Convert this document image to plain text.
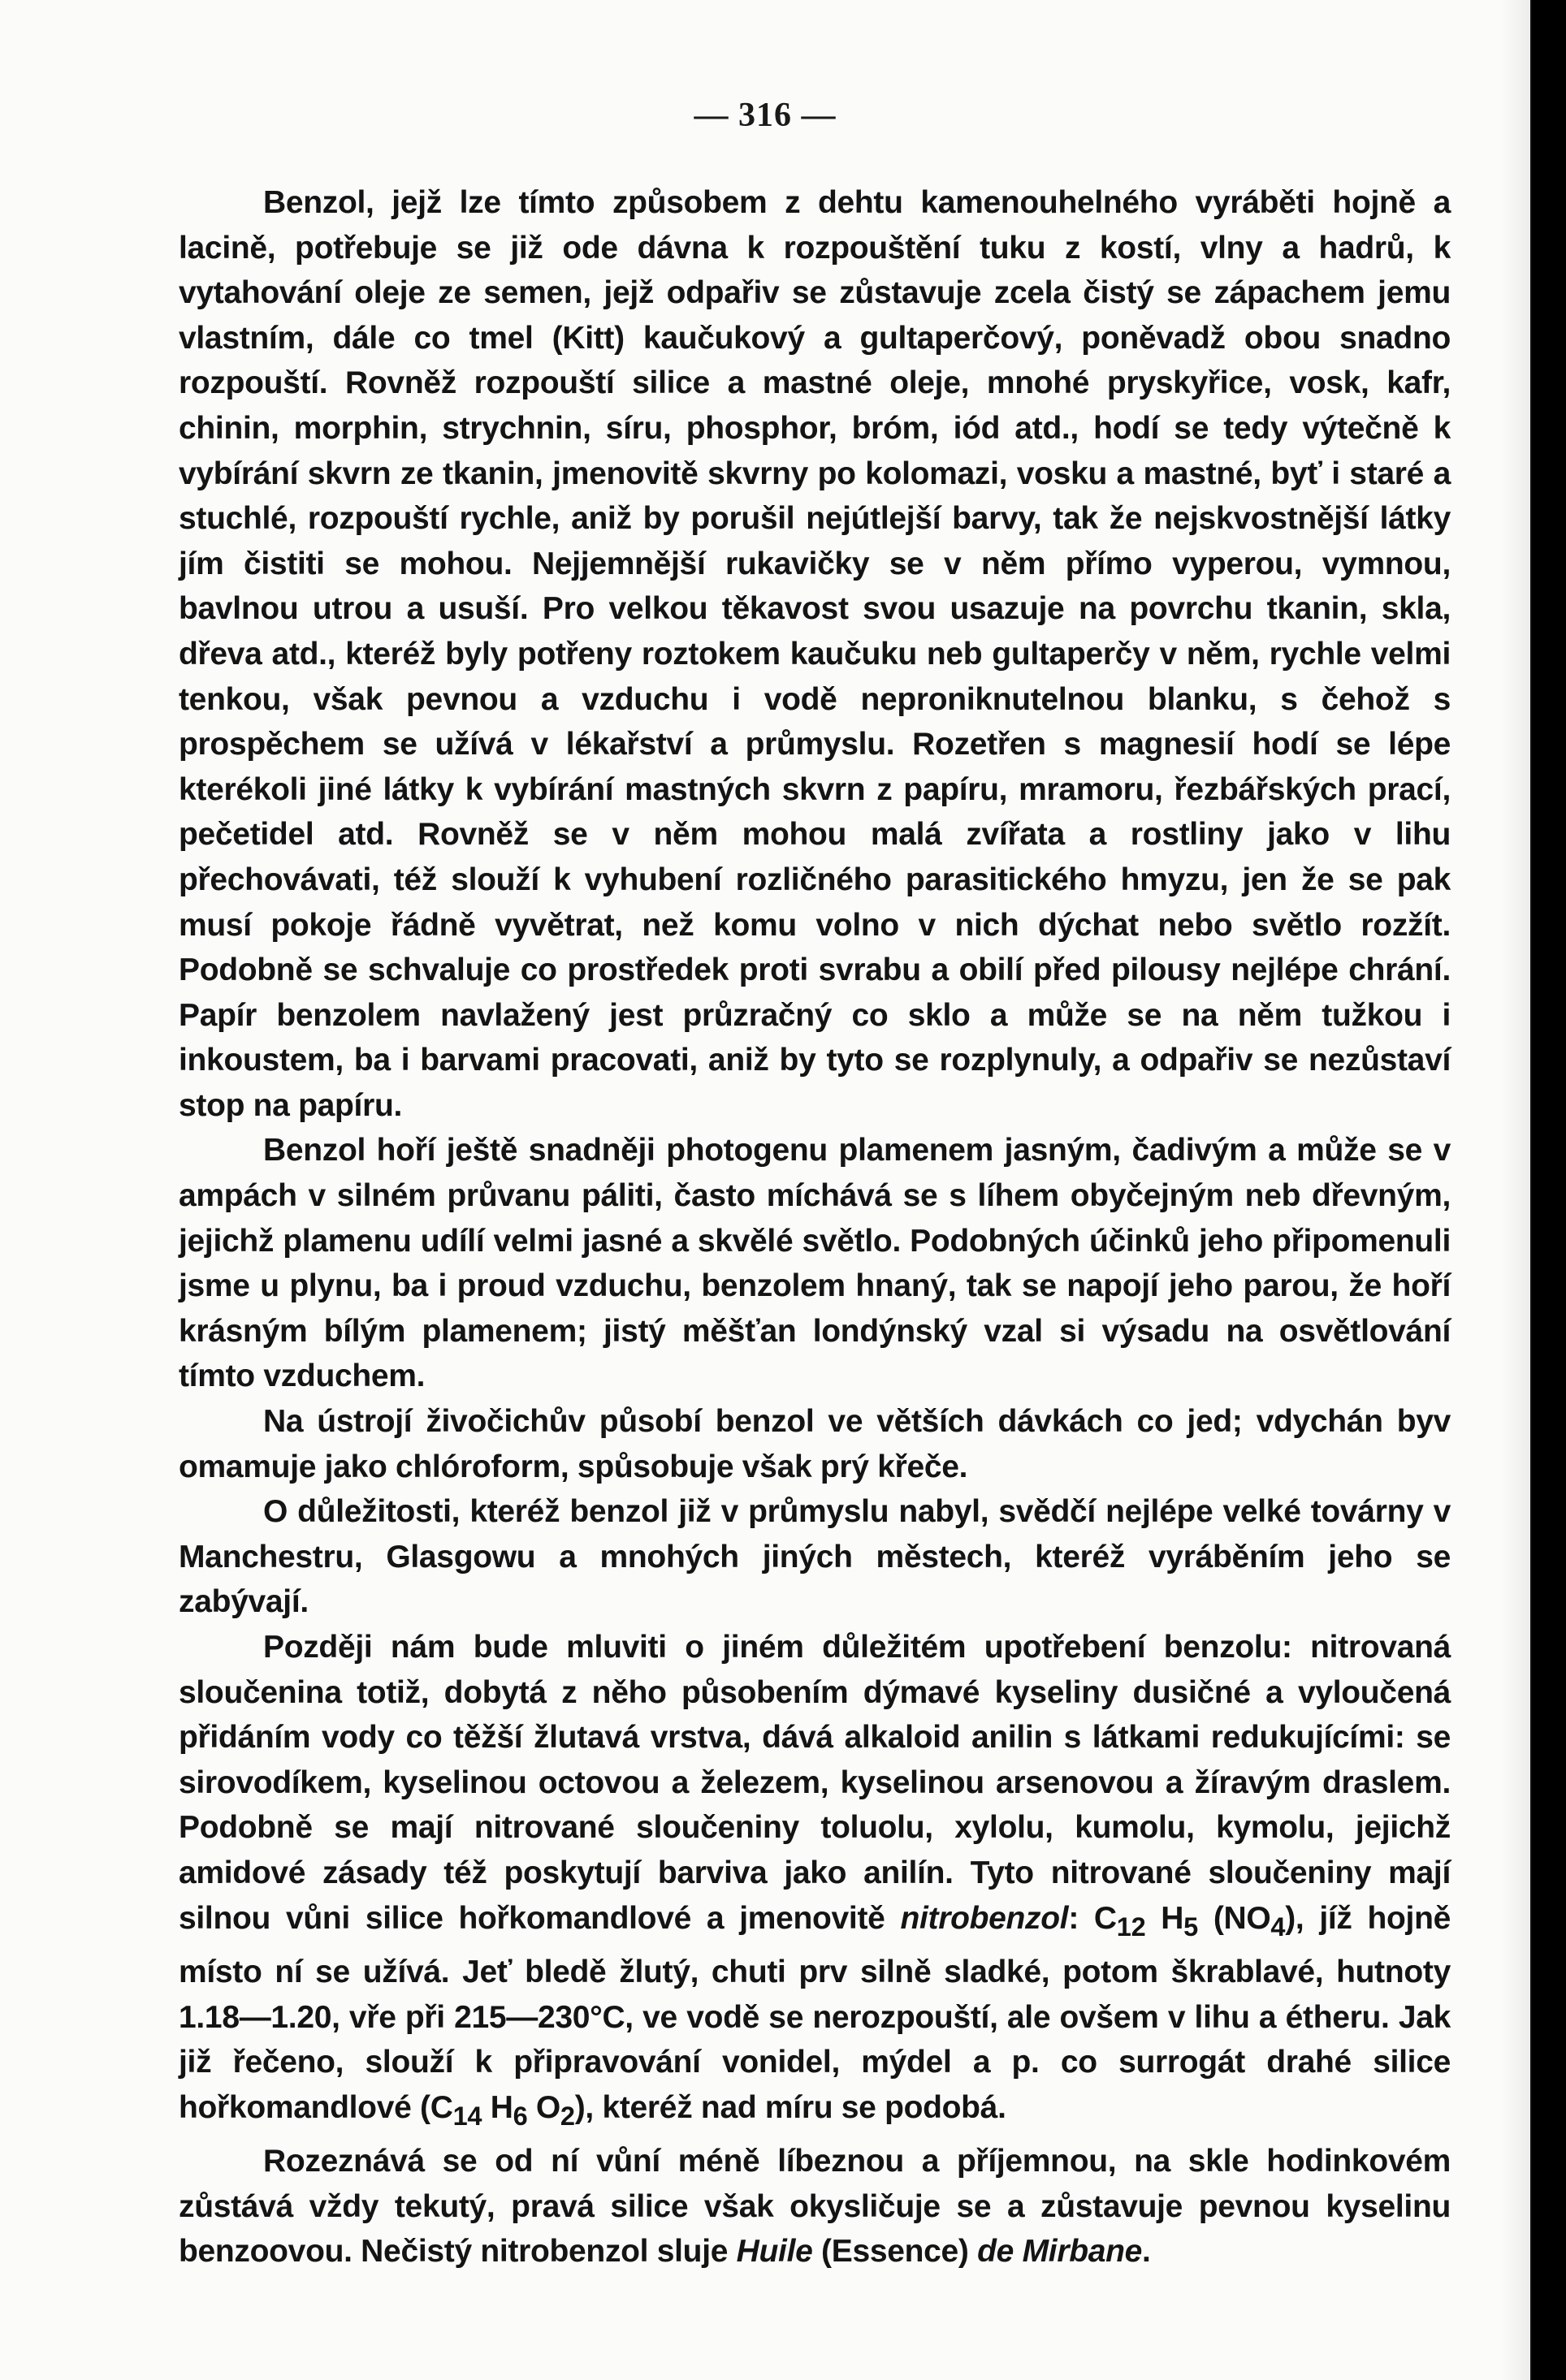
— 316 —

Benzol, jejž lze tímto způsobem z dehtu kamenouhelného vyráběti hojně a lacině, potřebuje se již ode dávna k rozpouštění tuku z kostí, vlny a hadrů, k vytahování oleje ze semen, jejž odpařiv se zůstavuje zcela čistý se zápachem jemu vlastním, dále co tmel (Kitt) kaučukový a gultaperčový, poněvadž obou snadno rozpouští. Rovněž rozpouští silice a mastné oleje, mnohé pryskyřice, vosk, kafr, chinin, morphin, strychnin, síru, phosphor, bróm, iód atd., hodí se tedy výtečně k vybírání skvrn ze tkanin, jmenovitě skvrny po kolomazi, vosku a mastné, byť i staré a stuchlé, rozpouští rychle, aniž by porušil nejútlejší barvy, tak že nejskvostnější látky jím čistiti se mohou. Nejjemnější rukavičky se v něm přímo vyperou, vymnou, bavlnou utrou a usuší. Pro velkou těkavost svou usazuje na povrchu tkanin, skla, dřeva atd., kteréž byly potřeny roztokem kaučuku neb gultaperčy v něm, rychle velmi tenkou, však pevnou a vzduchu i vodě neproniknutelnou blanku, s čehož s prospěchem se užívá v lékařství a průmyslu. Rozetřen s magnesií hodí se lépe kterékoli jiné látky k vybírání mastných skvrn z papíru, mramoru, řezbářských prací, pečetidel atd. Rovněž se v něm mohou malá zvířata a rostliny jako v lihu přechovávati, též slouží k vyhubení rozličného parasitického hmyzu, jen že se pak musí pokoje řádně vyvětrat, než komu volno v nich dýchat nebo světlo rozžít. Podobně se schvaluje co prostředek proti svrabu a obilí před pilousy nejlépe chrání. Papír benzolem navlažený jest průzračný co sklo a může se na něm tužkou i inkoustem, ba i barvami pracovati, aniž by tyto se rozplynuly, a odpařiv se nezůstaví stop na papíru.

Benzol hoří ještě snadněji photogenu plamenem jasným, čadivým a může se v ampách v silném průvanu páliti, často míchává se s líhem obyčejným neb dřevným, jejichž plamenu udílí velmi jasné a skvělé světlo. Podobných účinků jeho připomenuli jsme u plynu, ba i proud vzduchu, benzolem hnaný, tak se napojí jeho parou, že hoří krásným bílým plamenem; jistý měšťan londýnský vzal si výsadu na osvětlování tímto vzduchem.

Na ústrojí živočichův působí benzol ve větších dávkách co jed; vdychán byv omamuje jako chlóroform, spůsobuje však prý křeče.

O důležitosti, kteréž benzol již v průmyslu nabyl, svědčí nejlépe velké továrny v Manchestru, Glasgowu a mnohých jiných městech, kteréž vyráběním jeho se zabývají.

Později nám bude mluviti o jiném důležitém upotřebení benzolu: nitrovaná sloučenina totiž, dobytá z něho působením dýmavé kyseliny dusičné a vyloučená přidáním vody co těžší žlutavá vrstva, dává alkaloid anilin s látkami redukujícími: se sirovodíkem, kyselinou octovou a železem, kyselinou arsenovou a žíravým draslem. Podobně se mají nitrované sloučeniny toluolu, xylolu, kumolu, kymolu, jejichž amidové zásady též poskytují barviva jako anilín. Tyto nitrované sloučeniny mají silnou vůni silice hořkomandlové a jmenovitě nitrobenzol: $C_{12}$ $H_5$ $(NO_4)$, jíž hojně místo ní se užívá. Jeť bledě žlutý, chuti prv silně sladké, potom škrablavé, hutnoty 1.18—1.20, vře při 215—230°C, ve vodě se nerozpouští, ale ovšem v lihu a étheru. Jak již řečeno, slouží k připravování vonidel, mýdel a p. co surrogát drahé silice hořkomandlové ($C_{14}$ $H_6$ $O_2$), kteréž nad míru se podobá.

Rozeznává se od ní vůní méně líbeznou a příjemnou, na skle hodinkovém zůstává vždy tekutý, pravá silice však okysličuje se a zůstavuje pevnou kyselinu benzoovou. Nečistý nitrobenzol sluje Huile (Essence) de Mirbane.
